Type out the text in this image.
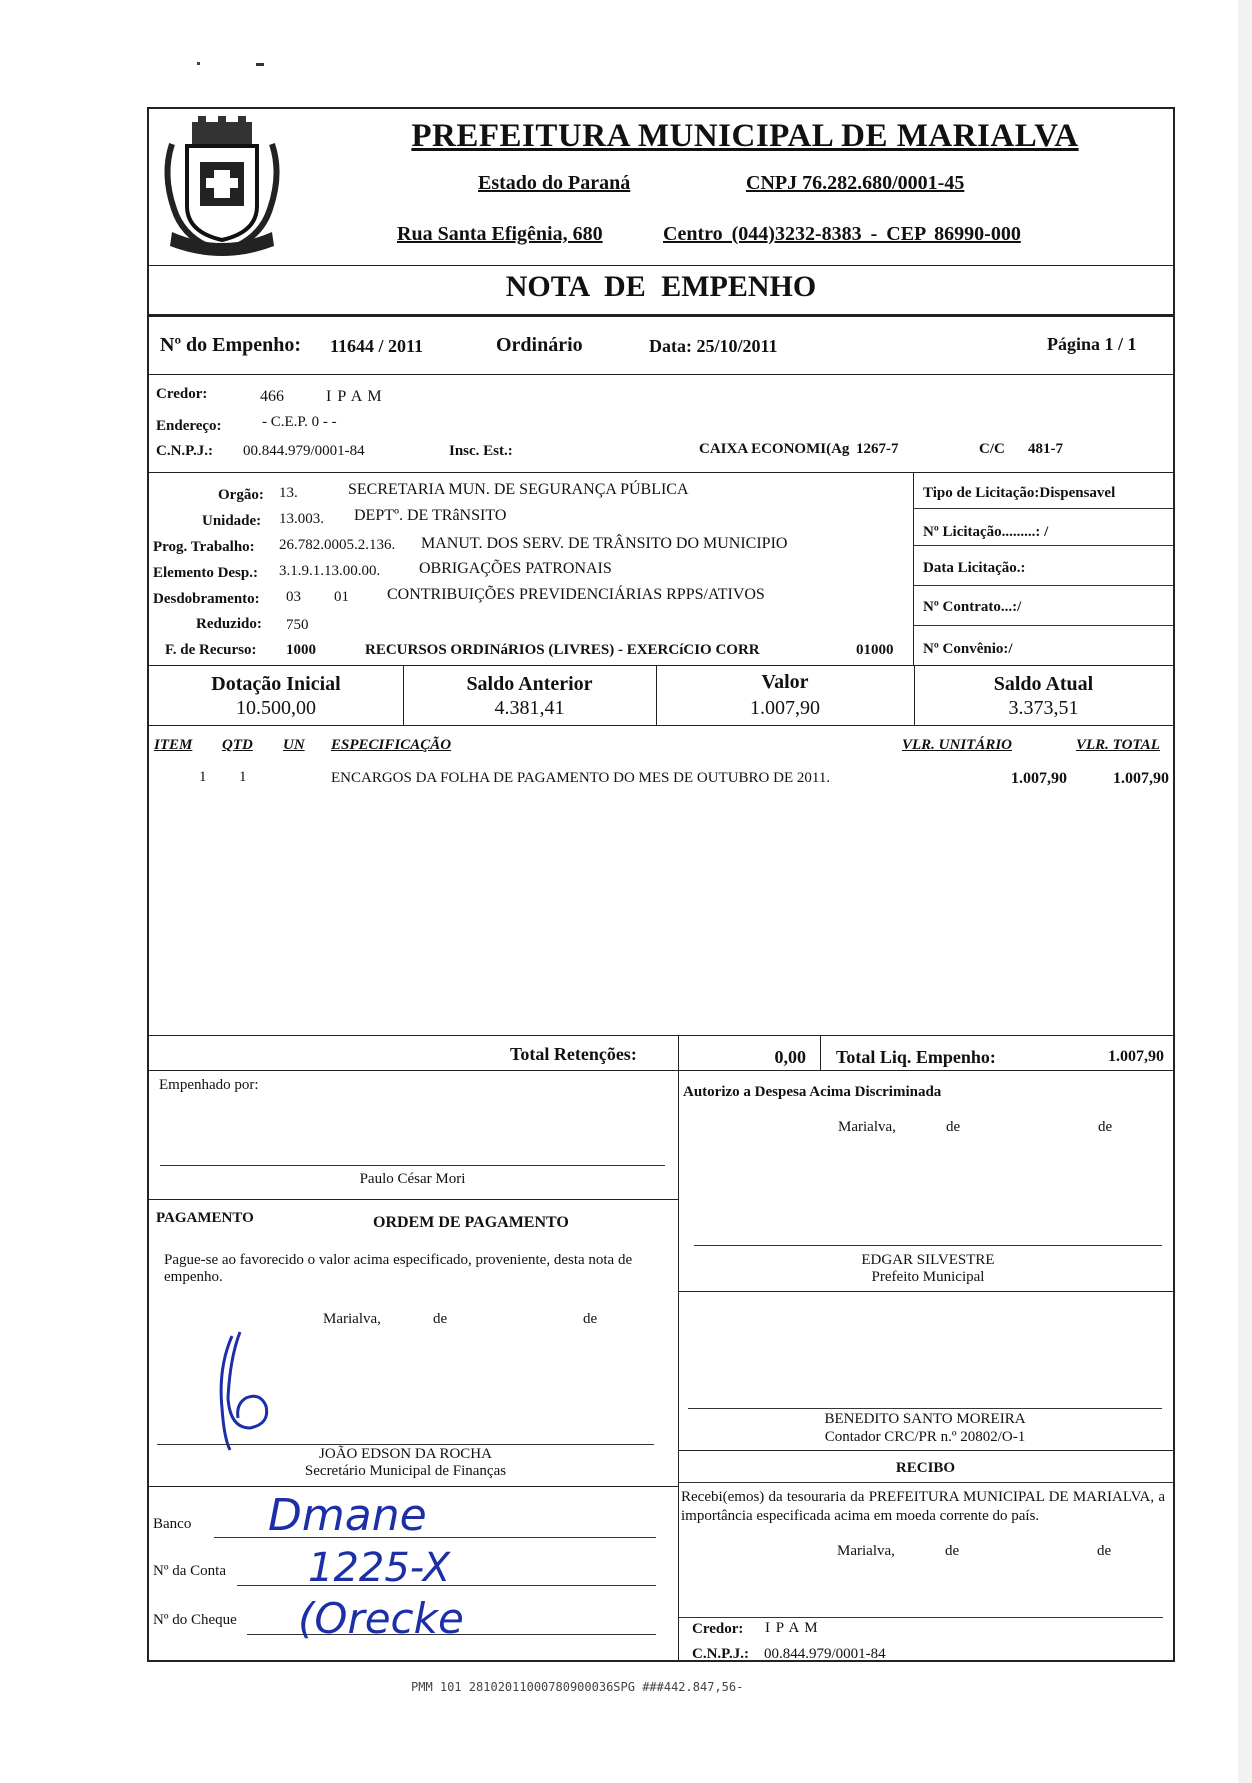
PREFEITURA MUNICIPAL DE MARIALVA
Estado do Paraná	CNPJ 76.282.680/0001-45
Rua Santa Efigênia, 680	Centro (044)3232-8383 - CEP 86990-000
NOTA DE EMPENHO
Nº do Empenho: 11644 / 2011	Ordinário	Data: 25/10/2011	Página 1 / 1
Credor:	466	I P A M
Endereço:	- C.E.P. 0 - -
C.N.P.J.: 00.844.979/0001-84	Insc. Est.:	CAIXA ECONOMI(Ag 1267-7	C/C 481-7
Orgão: 13.	SECRETARIA MUN. DE SEGURANÇA PÚBLICA
Unidade: 13.003. DEPTº. DE TRâNSITO
Prog. Trabalho: 26.782.0005.2.136. MANUT. DOS SERV. DE TRÂNSITO DO MUNICIPIO
Elemento Desp.: 3.1.9.1.13.00.00. OBRIGAÇÕES PATRONAIS
Desdobramento: 03 01 CONTRIBUIÇÕES PREVIDENCIÁRIAS RPPS/ATIVOS
Reduzido: 750
F. de Recurso: 1000	RECURSOS ORDINáRIOS (LIVRES) - EXERCíCIO CORR	01000
Tipo de Licitação:Dispensavel
Nº Licitação.........: /
Data Licitação.:
Nº Contrato...:/
Nº Convênio:/
Dotação Inicial
10.500,00
Saldo Anterior
4.381,41
Valor
1.007,90
Saldo Atual
3.373,51
ITEM QTD UN ESPECIFICAÇÃO	VLR. UNITÁRIO	VLR. TOTAL
1 1	ENCARGOS DA FOLHA DE PAGAMENTO DO MES DE OUTUBRO DE 2011.	1.007,90	1.007,90
Total Retenções:	0,00 Total Liq. Empenho:	1.007,90
Empenhado por:
Paulo César Mori
PAGAMENTO	ORDEM DE PAGAMENTO
Pague-se ao favorecido o valor acima especificado, proveniente, desta nota de empenho.
Marialva,	de	de
JOÃO EDSON DA ROCHA
Secretário Municipal de Finanças
Banco Dmane
Nº da Conta 1225-X
Nº do Cheque (Orecke
Autorizo a Despesa Acima Discriminada
Marialva,	de	de
EDGAR SILVESTRE
Prefeito Municipal
BENEDITO SANTO MOREIRA
Contador CRC/PR n.º 20802/O-1
RECIBO
Recebi(emos) da tesouraria da PREFEITURA MUNICIPAL DE MARIALVA, a importância especificada acima em moeda corrente do país.
Marialva,	de	de
Credor: I P A M
C.N.P.J.: 00.844.979/0001-84
PMM 101 28102011000780900036SPG ###442.847,56-
